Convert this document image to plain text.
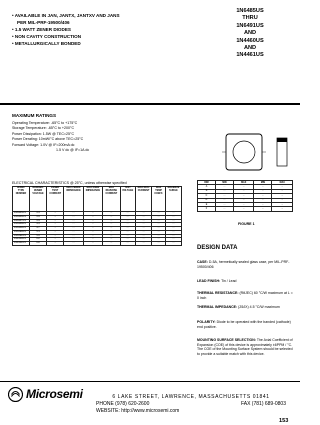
• AVAILABLE IN JAN, JANTX, JANTXV AND JANS
PER MIL-PRF-19500/406
• 1.5 WATT ZENER DIODES
• NON CAVITY CONSTRUCTION
• METALLURGICALLY BONDED
1N6485US
THRU
1N6491US
AND
1N4460US
AND
1N4461US
MAXIMUM RATINGS
Operating Temperature: -65°C to +175°C
Storage Temperature: -65°C to +200°C
Power Dissipation: 1.5W @ TEC=25°C
Power Derating: 10mW/°C above TEC=25°C
Forward Voltage: 1.0V @ IF=200mA dc
1.5 V dc @ IF=1A dc
ELECTRICAL CHARACTERISTICS @ 25°C, unless otherwise specified
JEDEC TYPE NUMBER	NOMINAL ZENER VOLTAGE	ZENER TEST CURRENT	MAX ZENER IMPEDANCE	MAX KNEE IMPEDANCE	MAX REVERSE CURRENT	TEST VOLTAGE	MAX REG. CURRENT	MAX TEMP COEFF.	MAXIMUM SURGE
1N6485US	3.3	...	...	...	...	...	...	...	...
1N6486US	3.6	...	...	...	...	...	...	...	...
1N6487US	3.9	...	...	...	...	...	...	...	...
1N6488US	4.3	...	...	...	...	...	...	...	...
1N6489US	4.7	...	...	...	...	...	...	...	...
1N6490US	5.1	...	...	...	...	...	...	...	...
1N6491US	5.6	...	...	...	...	...	...	...	...
1N4460US	6.2	...	...	...	...	...	...	...	...
1N4461US	6.8	...	...	...	...	...	...	...	...
DIM	MIN	MAX	MIN	MAX
A	...	...	...	...
B	...	...	...	...
C	...	...	...	...
D	...	...	...	...
E	...	...	...	...
F	...	...	...	...
FIGURE 1
DESIGN DATA
CASE: D-5A, hermetically sealed glass case, per MIL-PRF-19500/406
LEAD FINISH: Tin / Lead
THERMAL RESISTANCE: (RθJEC) 60 °C/W maximum at L = 0 inch
THERMAL IMPEDANCE: (ZθJX) 4.5 °C/W maximum
POLARITY: Diode to be operated with the banded (cathode) end positive.
MOUNTING SURFACE SELECTION: The Axial Coefficient of Expansion (COE) of this device is approximately ±6PPM / °C. The COE of the Mounting Surface System should be selected to provide a suitable match with this device.
Microsemi	6 LAKE STREET, LAWRENCE, MASSACHUSETTS 01841
PHONE (978) 620-2600	FAX (781) 689-0803
WEBSITE: http://www.microsemi.com
153
